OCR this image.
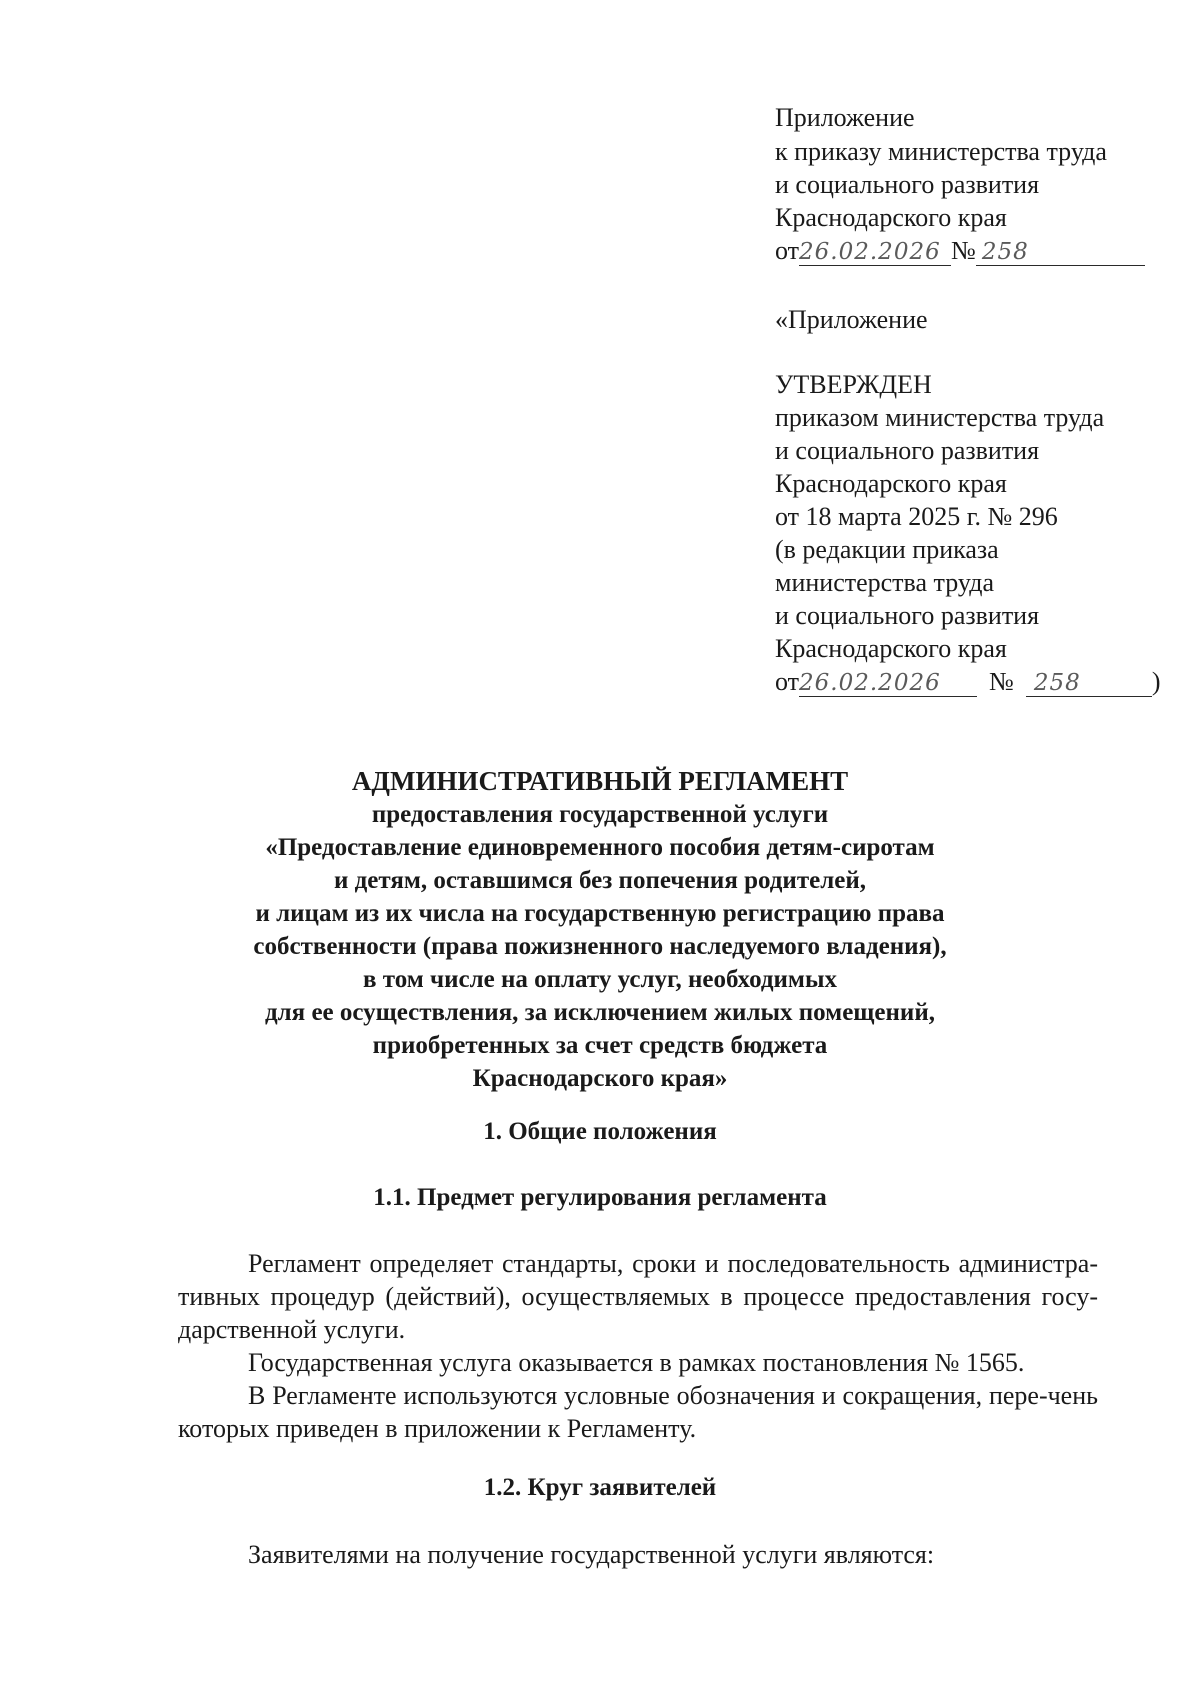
Приложение
к приказу министерства труда
и социального развития
Краснодарского края
от26.02.2026 № 258
«Приложение
УТВЕРЖДЕН
приказом министерства труда
и социального развития
Краснодарского края
от 18 марта 2025 г. № 296
(в редакции приказа
министерства труда
и социального развития
Краснодарского края
от26.02.2026 № 258	)
АДМИНИСТРАТИВНЫЙ РЕГЛАМЕНТ
предоставления государственной услуги
«Предоставление единовременного пособия детям-сиротам
и детям, оставшимся без попечения родителей,
и лицам из их числа на государственную регистрацию права
собственности (права пожизненного наследуемого владения),
в том числе на оплату услуг, необходимых
для ее осуществления, за исключением жилых помещений,
приобретенных за счет средств бюджета
Краснодарского края»
1. Общие положения
1.1. Предмет регулирования регламента
Регламент определяет стандарты, сроки и последовательность администра-тивных процедур (действий), осуществляемых в процессе предоставления госу-дарственной услуги.
Государственная услуга оказывается в рамках постановления № 1565.
В Регламенте используются условные обозначения и сокращения, пере-чень которых приведен в приложении к Регламенту.
1.2. Круг заявителей
Заявителями на получение государственной услуги являются:
